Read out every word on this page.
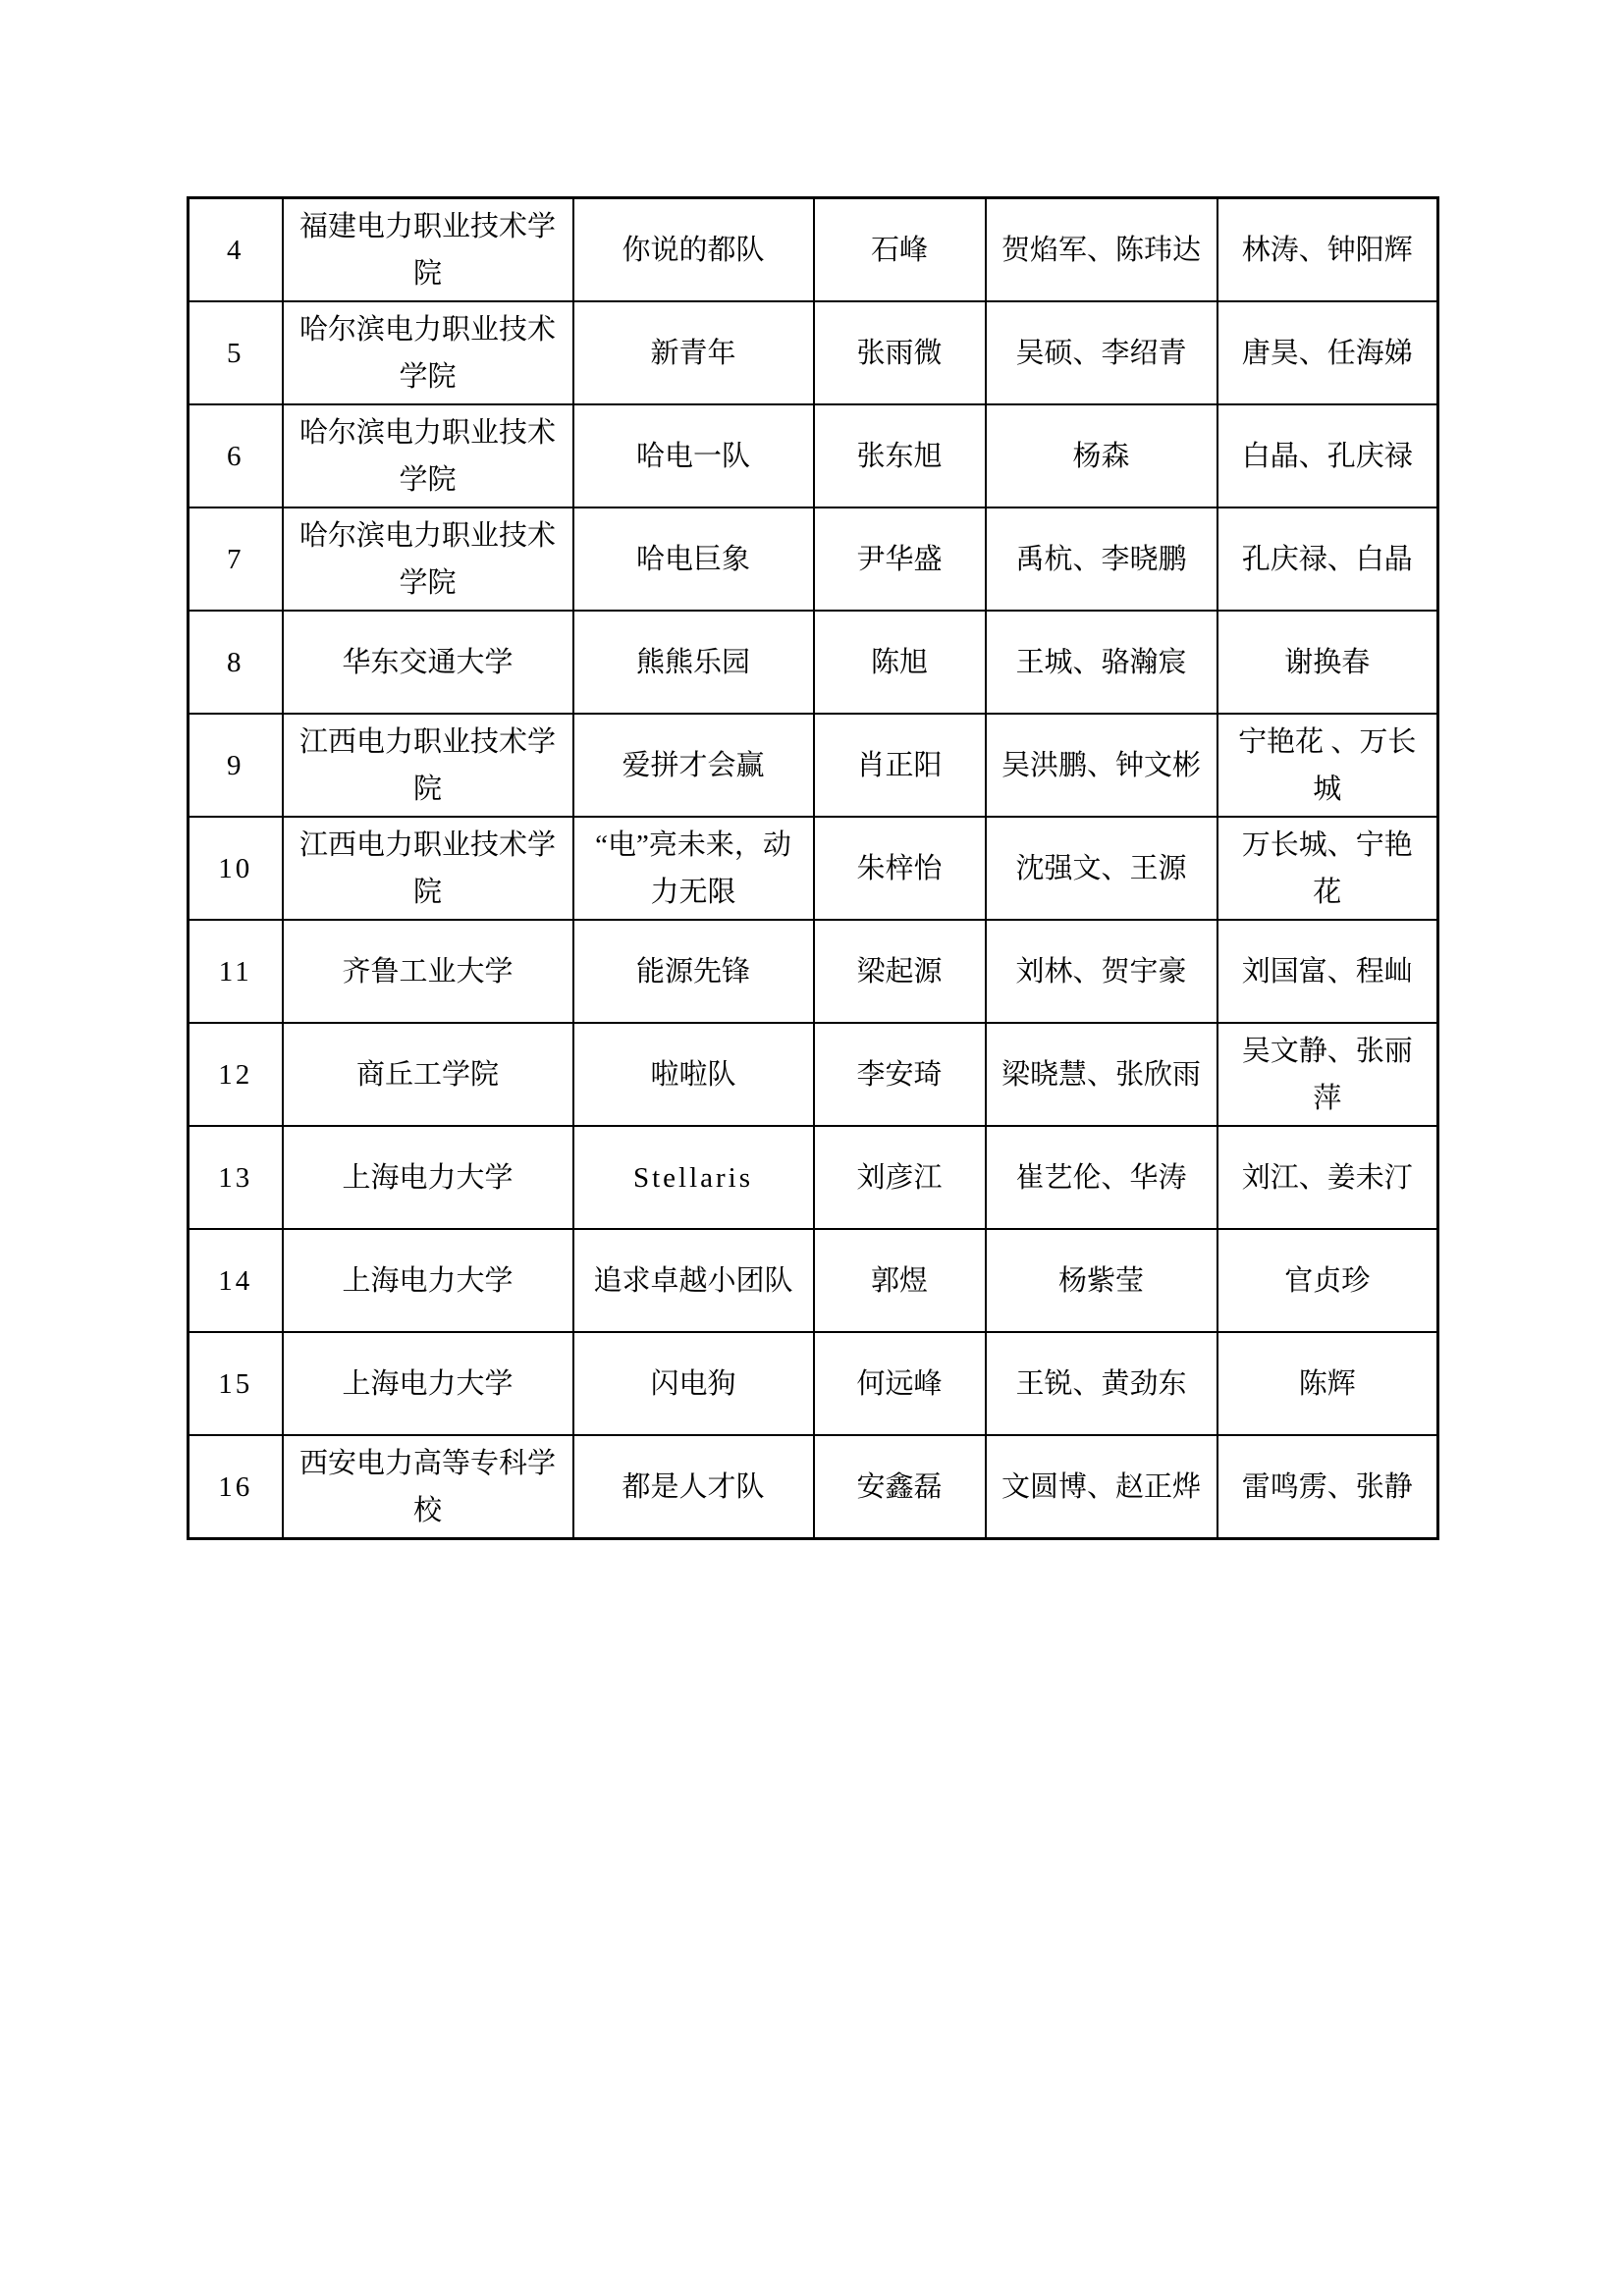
4	福建电力职业技术学院	你说的都队	石峰	贺焰军、陈玮达	林涛、钟阳辉
5	哈尔滨电力职业技术学院	新青年	张雨微	吴硕、李绍青	唐昊、任海娣
6	哈尔滨电力职业技术学院	哈电一队	张东旭	杨森	白晶、孔庆禄
7	哈尔滨电力职业技术学院	哈电巨象	尹华盛	禹杭、李晓鹏	孔庆禄、白晶
8	华东交通大学	熊熊乐园	陈旭	王城、骆瀚宸	谢换春
9	江西电力职业技术学院	爱拼才会赢	肖正阳	吴洪鹏、钟文彬	宁艳花 、万长城
10	江西电力职业技术学院	“电”亮未来，动力无限	朱梓怡	沈强文、王源	万长城、宁艳花
11	齐鲁工业大学	能源先锋	梁起源	刘林、贺宇豪	刘国富、程屾
12	商丘工学院	啦啦队	李安琦	梁晓慧、张欣雨	吴文静、张丽萍
13	上海电力大学	Stellaris	刘彦江	崔艺伦、华涛	刘江、姜未汀
14	上海电力大学	追求卓越小团队	郭煜	杨紫莹	官贞珍
15	上海电力大学	闪电狗	何远峰	王锐、黄劲东	陈辉
16	西安电力高等专科学校	都是人才队	安鑫磊	文圆博、赵正烨	雷鸣雳、张静
